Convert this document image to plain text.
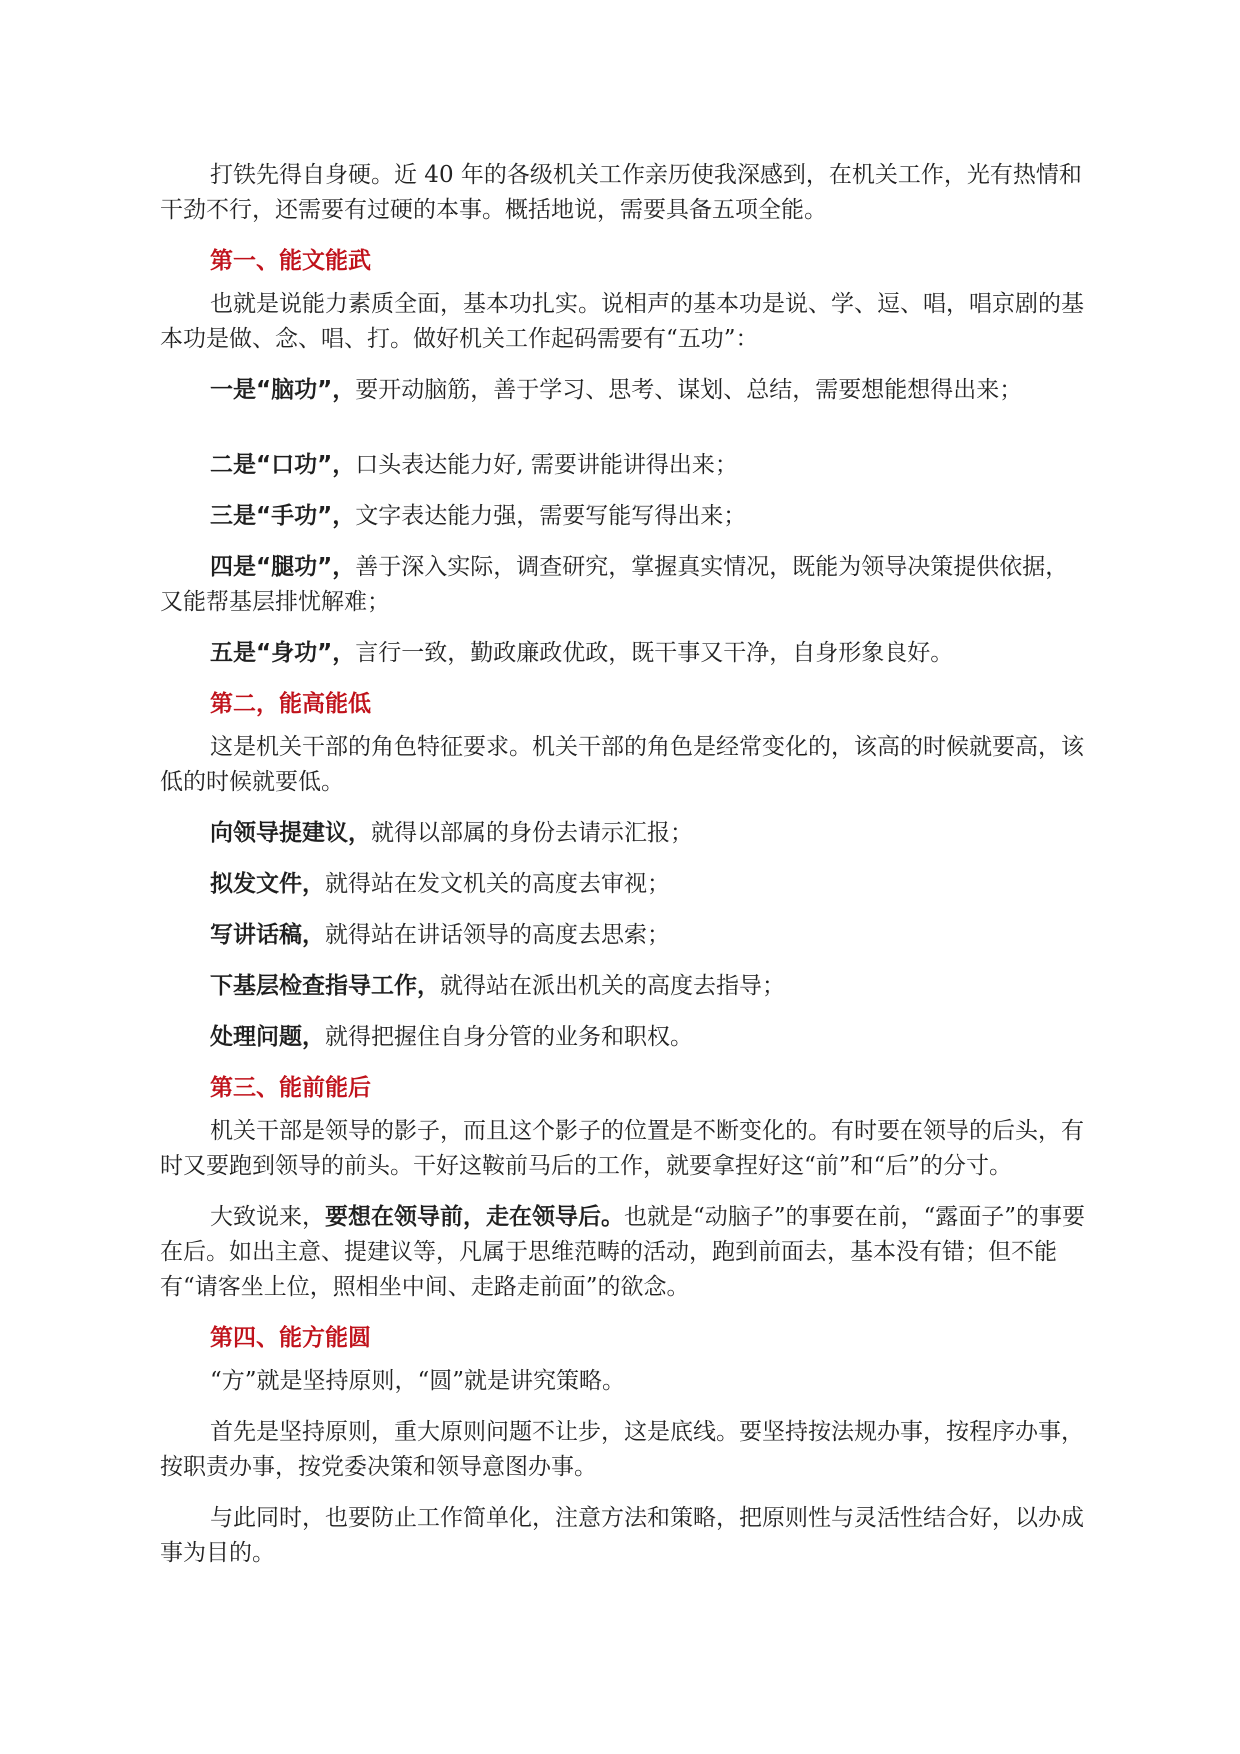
打铁先得自身硬。近 40 年的各级机关工作亲历使我深感到，在机关工作，光有热情和干劲不行，还需要有过硬的本事。概括地说，需要具备五项全能。

第一、能文能武

也就是说能力素质全面，基本功扎实。说相声的基本功是说、学、逗、唱，唱京剧的基本功是做、念、唱、打。做好机关工作起码需要有“五功”：

一是“脑功”，要开动脑筋，善于学习、思考、谋划、总结，需要想能想得出来；

二是“口功”，口头表达能力好, 需要讲能讲得出来；

三是“手功”，文字表达能力强，需要写能写得出来；

四是“腿功”，善于深入实际，调查研究，掌握真实情况，既能为领导决策提供依据，又能帮基层排忧解难；

五是“身功”，言行一致，勤政廉政优政，既干事又干净，自身形象良好。

第二，能高能低

这是机关干部的角色特征要求。机关干部的角色是经常变化的，该高的时候就要高，该低的时候就要低。

向领导提建议，就得以部属的身份去请示汇报；

拟发文件，就得站在发文机关的高度去审视；

写讲话稿，就得站在讲话领导的高度去思索；

下基层检查指导工作，就得站在派出机关的高度去指导；

处理问题，就得把握住自身分管的业务和职权。

第三、能前能后

机关干部是领导的影子，而且这个影子的位置是不断变化的。有时要在领导的后头，有时又要跑到领导的前头。干好这鞍前马后的工作，就要拿捏好这“前”和“后”的分寸。

大致说来，要想在领导前，走在领导后。也就是“动脑子”的事要在前，“露面子”的事要在后。如出主意、提建议等，凡属于思维范畴的活动，跑到前面去，基本没有错；但不能有“请客坐上位，照相坐中间、走路走前面”的欲念。

第四、能方能圆

“方”就是坚持原则，“圆”就是讲究策略。

首先是坚持原则，重大原则问题不让步，这是底线。要坚持按法规办事，按程序办事，按职责办事，按党委决策和领导意图办事。

与此同时，也要防止工作简单化，注意方法和策略，把原则性与灵活性结合好，以办成事为目的。
